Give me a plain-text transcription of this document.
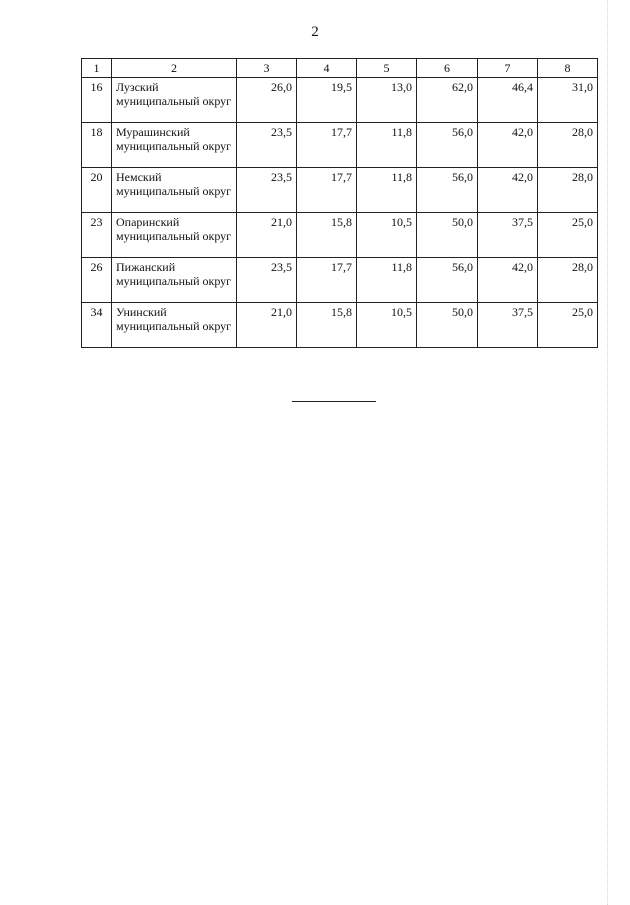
2
1	2	3	4	5	6	7	8
16	Лузский муниципальный округ	26,0	19,5	13,0	62,0	46,4	31,0
18	Мурашинский муниципальный округ	23,5	17,7	11,8	56,0	42,0	28,0
20	Немский муниципальный округ	23,5	17,7	11,8	56,0	42,0	28,0
23	Опаринский муниципальный округ	21,0	15,8	10,5	50,0	37,5	25,0
26	Пижанский муниципальный округ	23,5	17,7	11,8	56,0	42,0	28,0
34	Унинский муниципальный округ	21,0	15,8	10,5	50,0	37,5	25,0
